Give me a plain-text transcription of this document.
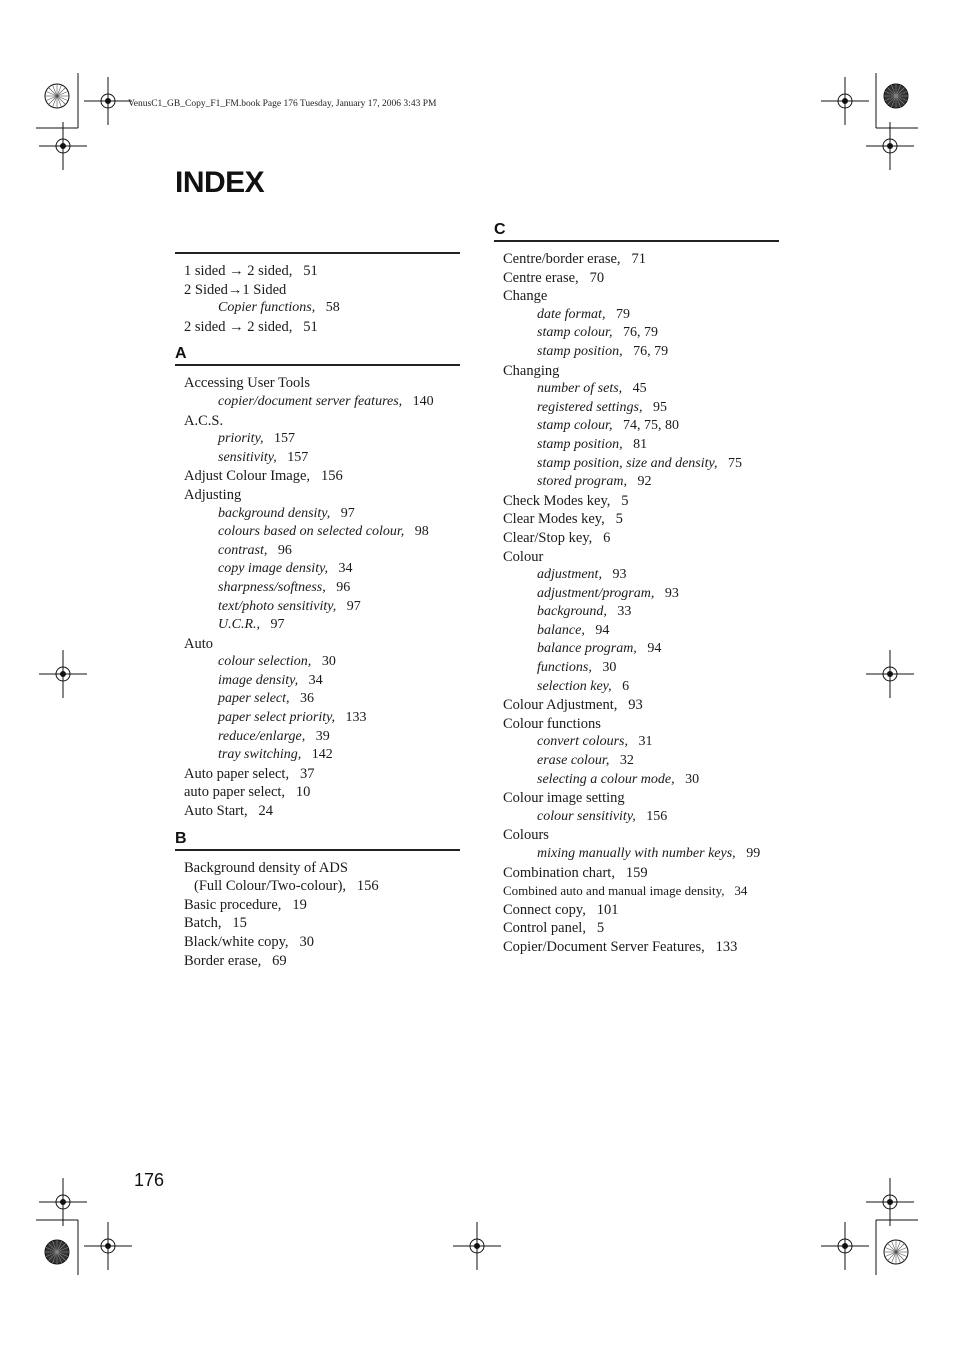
VenusC1_GB_Copy_F1_FM.book Page 176 Tuesday, January 17, 2006 3:43 PM
INDEX
1 sided → 2 sided, 51
2 Sided→1 Sided
Copier functions, 58
2 sided → 2 sided, 51
A
Accessing User Tools
copier/document server features, 140
A.C.S.
priority, 157
sensitivity, 157
Adjust Colour Image, 156
Adjusting
background density, 97
colours based on selected colour, 98
contrast, 96
copy image density, 34
sharpness/softness, 96
text/photo sensitivity, 97
U.C.R., 97
Auto
colour selection, 30
image density, 34
paper select, 36
paper select priority, 133
reduce/enlarge, 39
tray switching, 142
Auto paper select, 37
auto paper select, 10
Auto Start, 24
B
Background density of ADS
(Full Colour/Two-colour), 156
Basic procedure, 19
Batch, 15
Black/white copy, 30
Border erase, 69
C
Centre/border erase, 71
Centre erase, 70
Change
date format, 79
stamp colour, 76, 79
stamp position, 76, 79
Changing
number of sets, 45
registered settings, 95
stamp colour, 74, 75, 80
stamp position, 81
stamp position, size and density, 75
stored program, 92
Check Modes key, 5
Clear Modes key, 5
Clear/Stop key, 6
Colour
adjustment, 93
adjustment/program, 93
background, 33
balance, 94
balance program, 94
functions, 30
selection key, 6
Colour Adjustment, 93
Colour functions
convert colours, 31
erase colour, 32
selecting a colour mode, 30
Colour image setting
colour sensitivity, 156
Colours
mixing manually with number keys, 99
Combination chart, 159
Combined auto and manual image density, 34
Connect copy, 101
Control panel, 5
Copier/Document Server Features, 133
176
